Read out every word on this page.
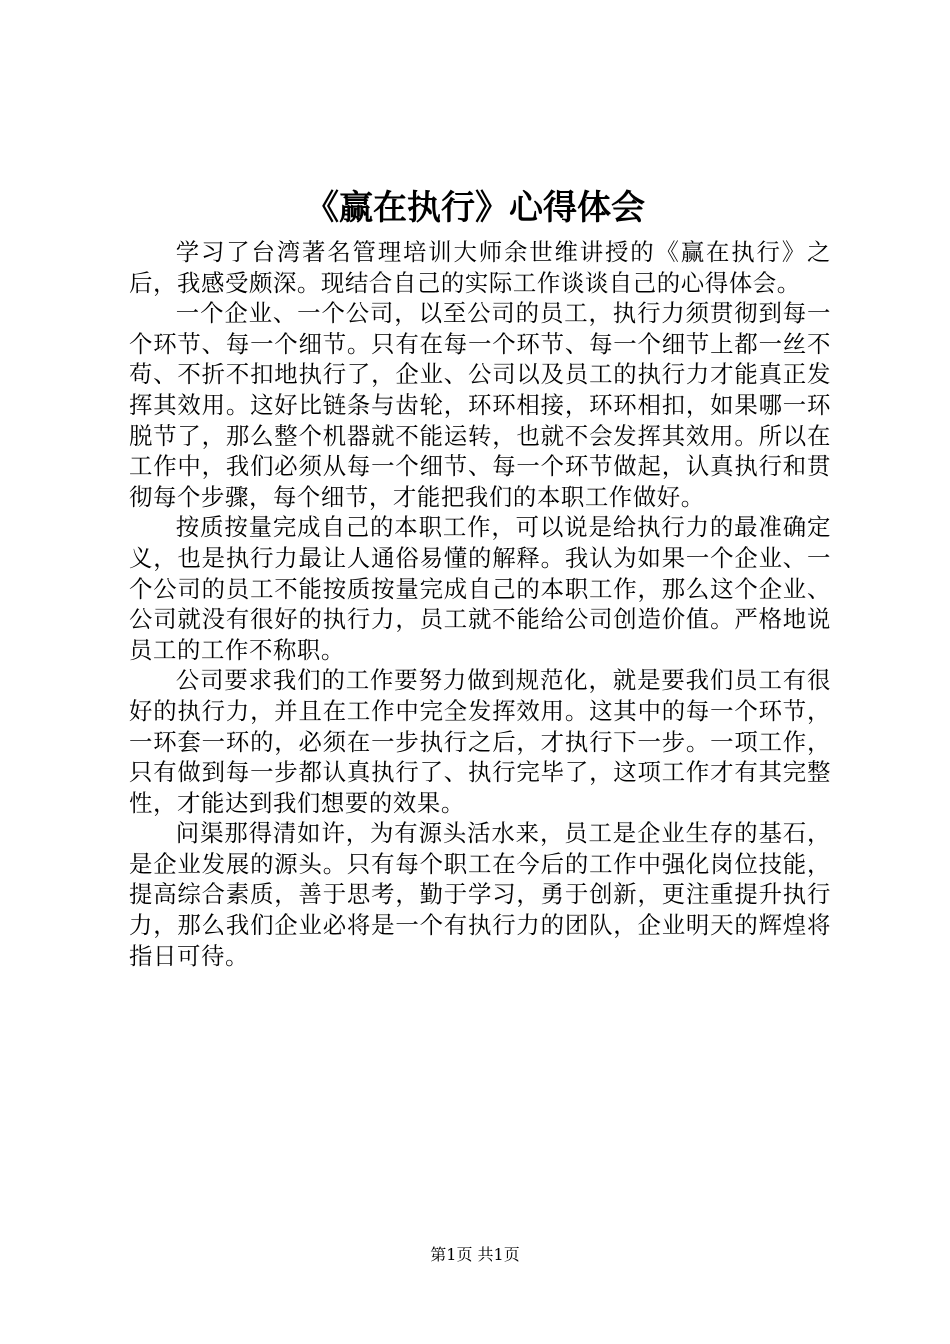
《赢在执行》心得体会

学习了台湾著名管理培训大师余世维讲授的《赢在执行》之后，我感受颇深。现结合自己的实际工作谈谈自己的心得体会。

一个企业、一个公司，以至公司的员工，执行力须贯彻到每一个环节、每一个细节。只有在每一个环节、每一个细节上都一丝不苟、不折不扣地执行了，企业、公司以及员工的执行力才能真正发挥其效用。这好比链条与齿轮，环环相接，环环相扣，如果哪一环脱节了，那么整个机器就不能运转，也就不会发挥其效用。所以在工作中，我们必须从每一个细节、每一个环节做起，认真执行和贯彻每个步骤，每个细节，才能把我们的本职工作做好。

按质按量完成自己的本职工作，可以说是给执行力的最准确定义，也是执行力最让人通俗易懂的解释。我认为如果一个企业、一个公司的员工不能按质按量完成自己的本职工作，那么这个企业、公司就没有很好的执行力，员工就不能给公司创造价值。严格地说员工的工作不称职。

公司要求我们的工作要努力做到规范化，就是要我们员工有很好的执行力，并且在工作中完全发挥效用。这其中的每一个环节，一环套一环的，必须在一步执行之后，才执行下一步。一项工作，只有做到每一步都认真执行了、执行完毕了，这项工作才有其完整性，才能达到我们想要的效果。

问渠那得清如许，为有源头活水来，员工是企业生存的基石，是企业发展的源头。只有每个职工在今后的工作中强化岗位技能，提高综合素质，善于思考，勤于学习，勇于创新，更注重提升执行力，那么我们企业必将是一个有执行力的团队，企业明天的辉煌将指日可待。

第1页 共1页
